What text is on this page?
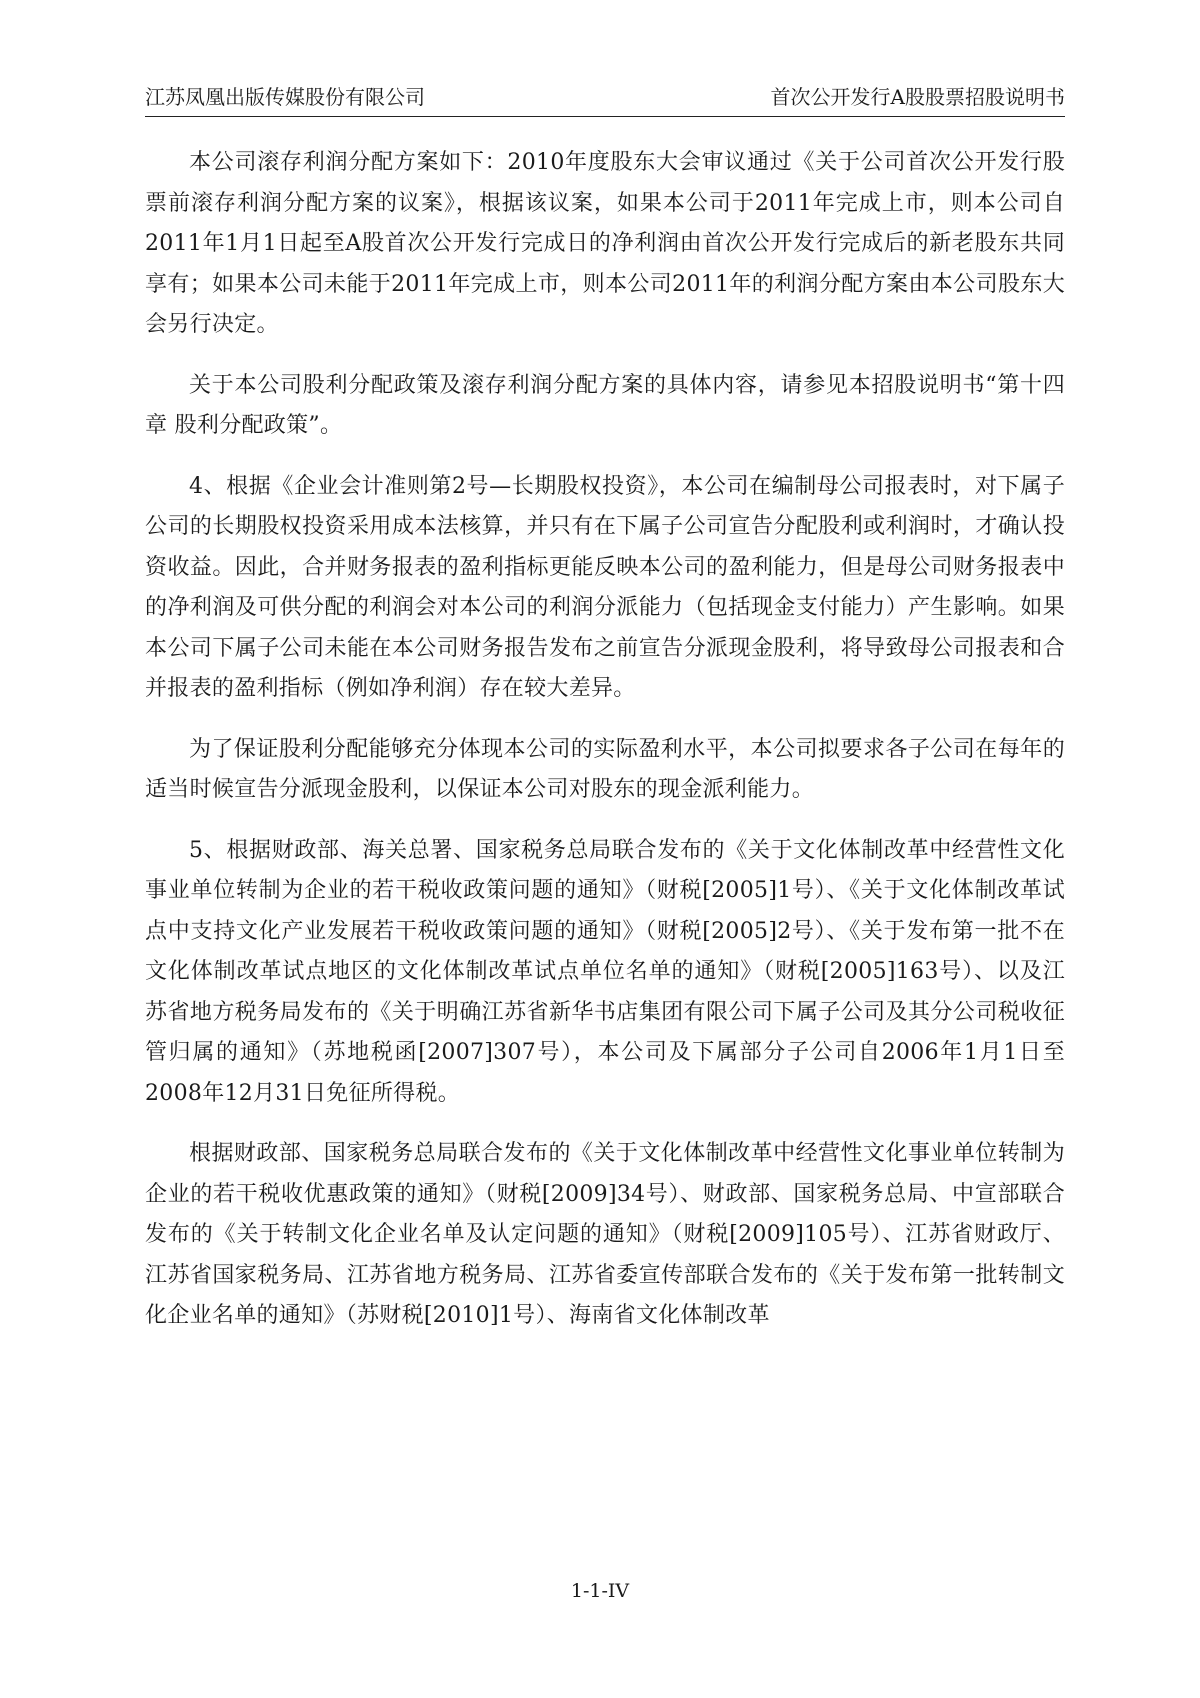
江苏凤凰出版传媒股份有限公司	首次公开发行A股股票招股说明书

本公司滚存利润分配方案如下：2010年度股东大会审议通过《关于公司首次公开发行股票前滚存利润分配方案的议案》，根据该议案，如果本公司于2011年完成上市，则本公司自2011年1月1日起至A股首次公开发行完成日的净利润由首次公开发行完成后的新老股东共同享有；如果本公司未能于2011年完成上市，则本公司2011年的利润分配方案由本公司股东大会另行决定。

关于本公司股利分配政策及滚存利润分配方案的具体内容，请参见本招股说明书“第十四章 股利分配政策”。

4、根据《企业会计准则第2号—长期股权投资》，本公司在编制母公司报表时，对下属子公司的长期股权投资采用成本法核算，并只有在下属子公司宣告分配股利或利润时，才确认投资收益。因此，合并财务报表的盈利指标更能反映本公司的盈利能力，但是母公司财务报表中的净利润及可供分配的利润会对本公司的利润分派能力（包括现金支付能力）产生影响。如果本公司下属子公司未能在本公司财务报告发布之前宣告分派现金股利，将导致母公司报表和合并报表的盈利指标（例如净利润）存在较大差异。

为了保证股利分配能够充分体现本公司的实际盈利水平，本公司拟要求各子公司在每年的适当时候宣告分派现金股利，以保证本公司对股东的现金派利能力。

5、根据财政部、海关总署、国家税务总局联合发布的《关于文化体制改革中经营性文化事业单位转制为企业的若干税收政策问题的通知》（财税[2005]1号）、《关于文化体制改革试点中支持文化产业发展若干税收政策问题的通知》（财税[2005]2号）、《关于发布第一批不在文化体制改革试点地区的文化体制改革试点单位名单的通知》（财税[2005]163号）、以及江苏省地方税务局发布的《关于明确江苏省新华书店集团有限公司下属子公司及其分公司税收征管归属的通知》（苏地税函[2007]307号），本公司及下属部分子公司自2006年1月1日至2008年12月31日免征所得税。

根据财政部、国家税务总局联合发布的《关于文化体制改革中经营性文化事业单位转制为企业的若干税收优惠政策的通知》（财税[2009]34号）、财政部、国家税务总局、中宣部联合发布的《关于转制文化企业名单及认定问题的通知》（财税[2009]105号）、江苏省财政厅、江苏省国家税务局、江苏省地方税务局、江苏省委宣传部联合发布的《关于发布第一批转制文化企业名单的通知》（苏财税[2010]1号）、海南省文化体制改革

1-1-IV
